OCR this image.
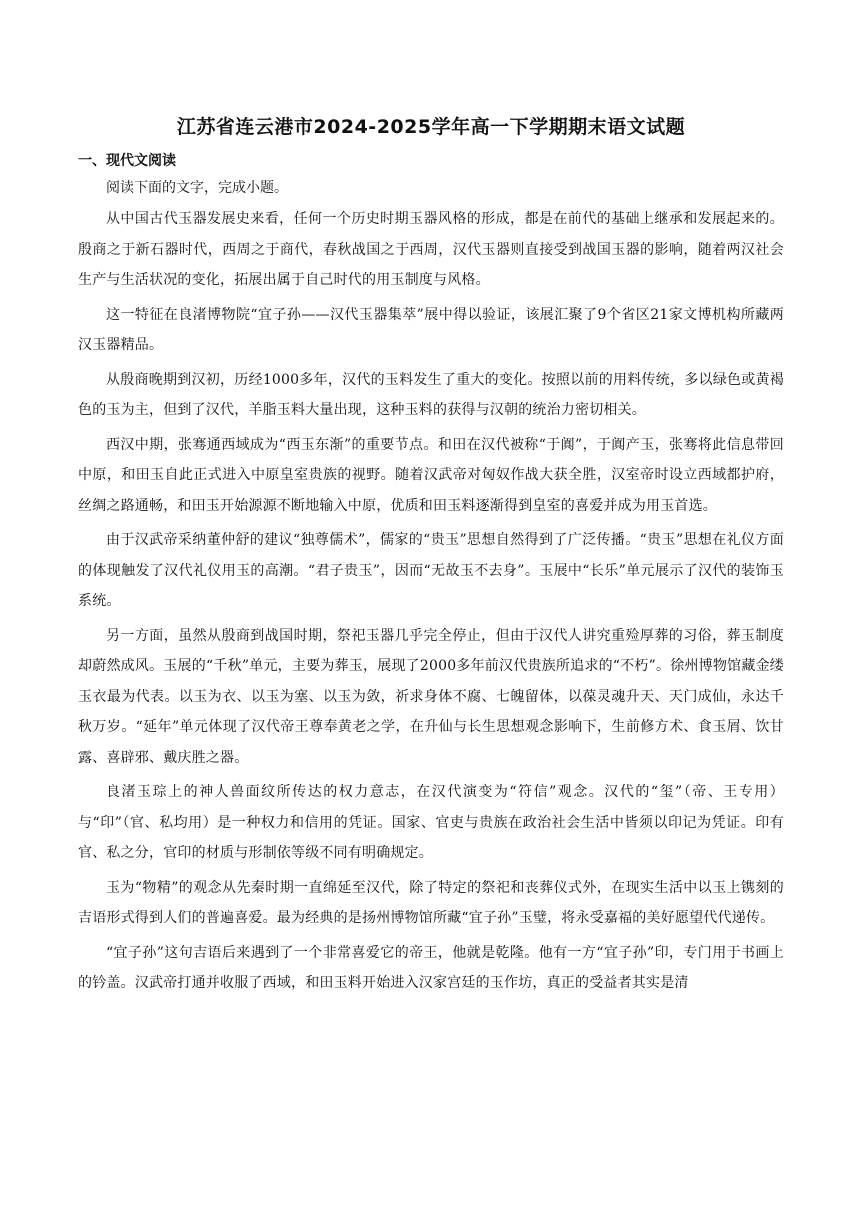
江苏省连云港市2024-2025学年高一下学期期末语文试题
一、现代文阅读

阅读下面的文字，完成小题。

从中国古代玉器发展史来看，任何一个历史时期玉器风格的形成，都是在前代的基础上继承和发展起来的。殷商之于新石器时代，西周之于商代，春秋战国之于西周，汉代玉器则直接受到战国玉器的影响，随着两汉社会生产与生活状况的变化，拓展出属于自己时代的用玉制度与风格。

这一特征在良渚博物院“宜子孙——汉代玉器集萃”展中得以验证，该展汇聚了9个省区21家文博机构所藏两汉玉器精品。

从殷商晚期到汉初，历经1000多年，汉代的玉料发生了重大的变化。按照以前的用料传统，多以绿色或黄褐色的玉为主，但到了汉代，羊脂玉料大量出现，这种玉料的获得与汉朝的统治力密切相关。

西汉中期，张骞通西域成为“西玉东渐”的重要节点。和田在汉代被称“于阗”，于阗产玉，张骞将此信息带回中原，和田玉自此正式进入中原皇室贵族的视野。随着汉武帝对匈奴作战大获全胜，汉室帝时设立西域都护府，丝绸之路通畅，和田玉开始源源不断地输入中原，优质和田玉料逐渐得到皇室的喜爱并成为用玉首选。

由于汉武帝采纳董仲舒的建议“独尊儒术”，儒家的“贵玉”思想自然得到了广泛传播。“贵玉”思想在礼仪方面的体现触发了汉代礼仪用玉的高潮。“君子贵玉”，因而“无故玉不去身”。玉展中“长乐”单元展示了汉代的装饰玉系统。

另一方面，虽然从殷商到战国时期，祭祀玉器几乎完全停止，但由于汉代人讲究重殓厚葬的习俗，葬玉制度却蔚然成风。玉展的“千秋”单元，主要为葬玉，展现了2000多年前汉代贵族所追求的“不朽”。徐州博物馆藏金缕玉衣最为代表。以玉为衣、以玉为塞、以玉为敛，祈求身体不腐、七魄留体，以葆灵魂升天、天门成仙，永达千秋万岁。“延年”单元体现了汉代帝王尊奉黄老之学，在升仙与长生思想观念影响下，生前修方术、食玉屑、饮甘露、喜辟邪、戴庆胜之器。

良渚玉琮上的神人兽面纹所传达的权力意志，在汉代演变为“符信”观念。汉代的“玺”（帝、王专用）与“印”（官、私均用）是一种权力和信用的凭证。国家、官吏与贵族在政治社会生活中皆须以印记为凭证。印有官、私之分，官印的材质与形制依等级不同有明确规定。

玉为“物精”的观念从先秦时期一直绵延至汉代，除了特定的祭祀和丧葬仪式外，在现实生活中以玉上镌刻的吉语形式得到人们的普遍喜爱。最为经典的是扬州博物馆所藏“宜子孙”玉璧，将永受嘉福的美好愿望代代递传。

“宜子孙”这句吉语后来遇到了一个非常喜爱它的帝王，他就是乾隆。他有一方“宜子孙”印，专门用于书画上的钤盖。汉武帝打通并收服了西域，和田玉料开始进入汉家宫廷的玉作坊，真正的受益者其实是清
